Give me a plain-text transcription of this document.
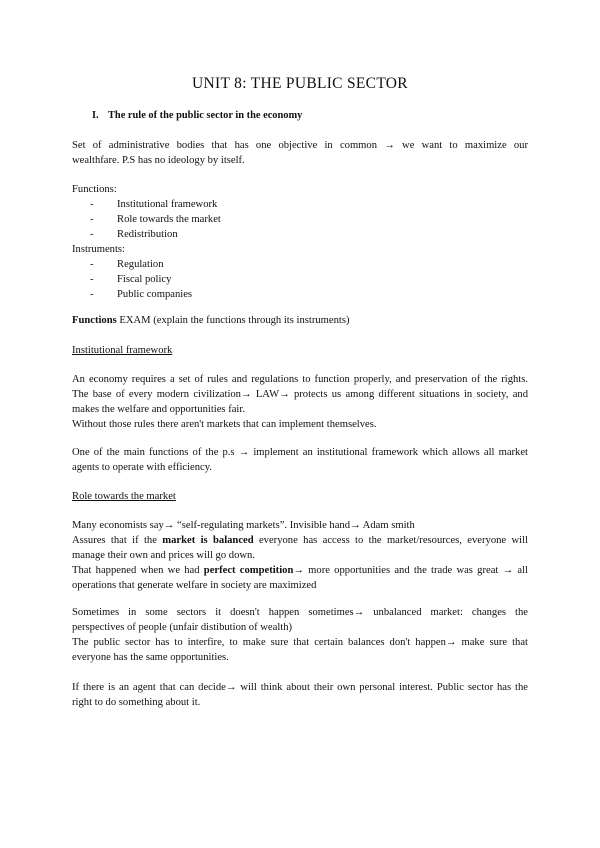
UNIT 8: THE PUBLIC SECTOR
I. The rule of the public sector in the economy
Set of administrative bodies that has one objective in common → we want to maximize our
wealthfare. P.S has no ideology by itself.
Functions:
- Institutional framework
- Role towards the market
- Redistribution
Instruments:
- Regulation
- Fiscal policy
- Public companies
Functions EXAM (explain the functions through its instruments)
Institutional framework
An economy requires a set of rules and regulations to function properly, and preservation of the rights.
The base of every modern civilization→ LAW→ protects us among different situations in society, and
makes the welfare and opportunities fair.
Without those rules there aren't markets that can implement themselves.
One of the main functions of the p.s → implement an institutional framework which allows all market
agents to operate with efficiency.
Role towards the market
Many economists say→ “self-regulating markets”. Invisible hand→ Adam smith
Assures that if the market is balanced everyone has access to the market/resources, everyone will
manage their own and prices will go down.
That happened when we had perfect competition→ more opportunities and the trade was great → all
operations that generate welfare in society are maximized
Sometimes in some sectors it doesn't happen sometimes→ unbalanced market: changes the
perspectives of people (unfair distibution of wealth)
The public sector has to interfire, to make sure that certain balances don't happen→ make sure that
everyone has the same opportunities.
If there is an agent that can decide→ will think about their own personal interest. Public sector has the
right to do something about it.
